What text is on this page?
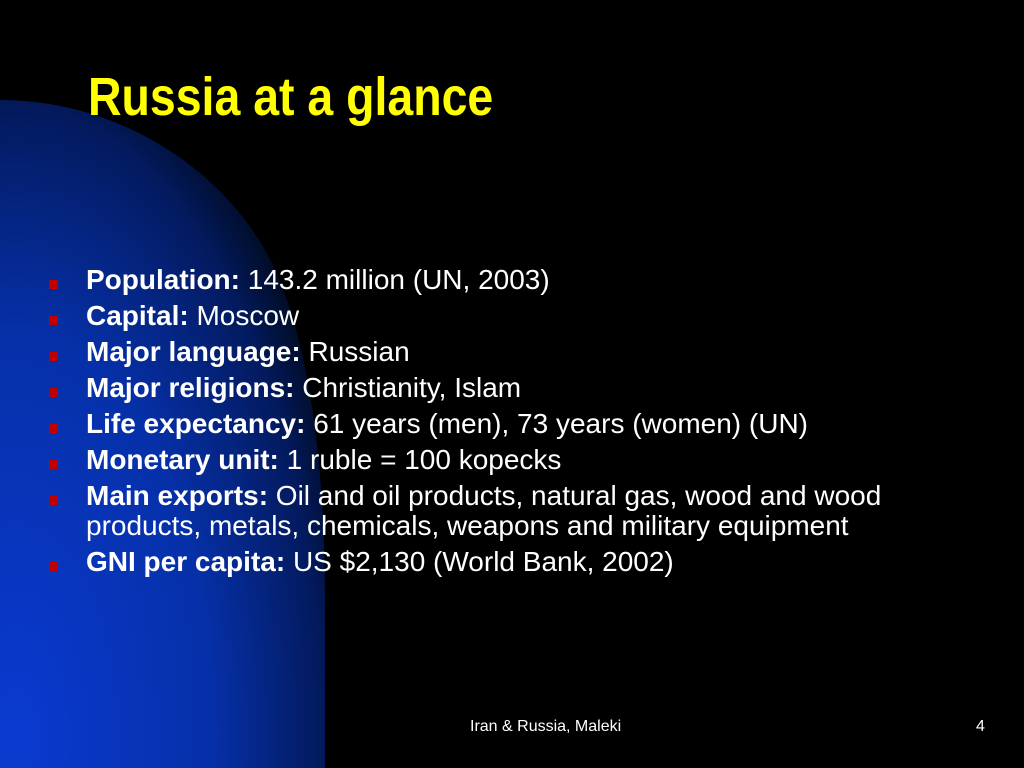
Russia at a glance
Population: 143.2 million (UN, 2003)
Capital: Moscow
Major language: Russian
Major religions: Christianity, Islam
Life expectancy: 61 years (men), 73 years (women) (UN)
Monetary unit: 1 ruble = 100 kopecks
Main exports: Oil and oil products, natural gas, wood and wood products, metals, chemicals, weapons and military equipment
GNI per capita: US $2,130 (World Bank, 2002)
Iran & Russia, Maleki	4
